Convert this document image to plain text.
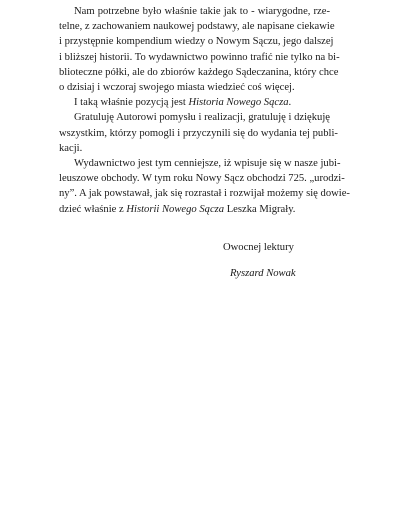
Nam potrzebne było właśnie takie jak to - wiarygodne, rze-
telne, z zachowaniem naukowej podstawy, ale napisane ciekawie
i przystępnie kompendium wiedzy o Nowym Sączu, jego dalszej
i bliższej historii. To wydawnictwo powinno trafić nie tylko na bi-
blioteczne półki, ale do zbiorów każdego Sądeczanina, który chce
o dzisiaj i wczoraj swojego miasta wiedzieć coś więcej.
I taką właśnie pozycją jest Historia Nowego Sącza.
Gratuluję Autorowi pomysłu i realizacji, gratuluję i dziękuję
wszystkim, którzy pomogli i przyczynili się do wydania tej publi-
kacji.
Wydawnictwo jest tym cenniejsze, iż wpisuje się w nasze jubi-
leuszowe obchody. W tym roku Nowy Sącz obchodzi 725. „urodzi-
ny”. A jak powstawał, jak się rozrastał i rozwijał możemy się dowie-
dzieć właśnie z Historii Nowego Sącza Leszka Migrały.
Owocnej lektury
Ryszard Nowak
